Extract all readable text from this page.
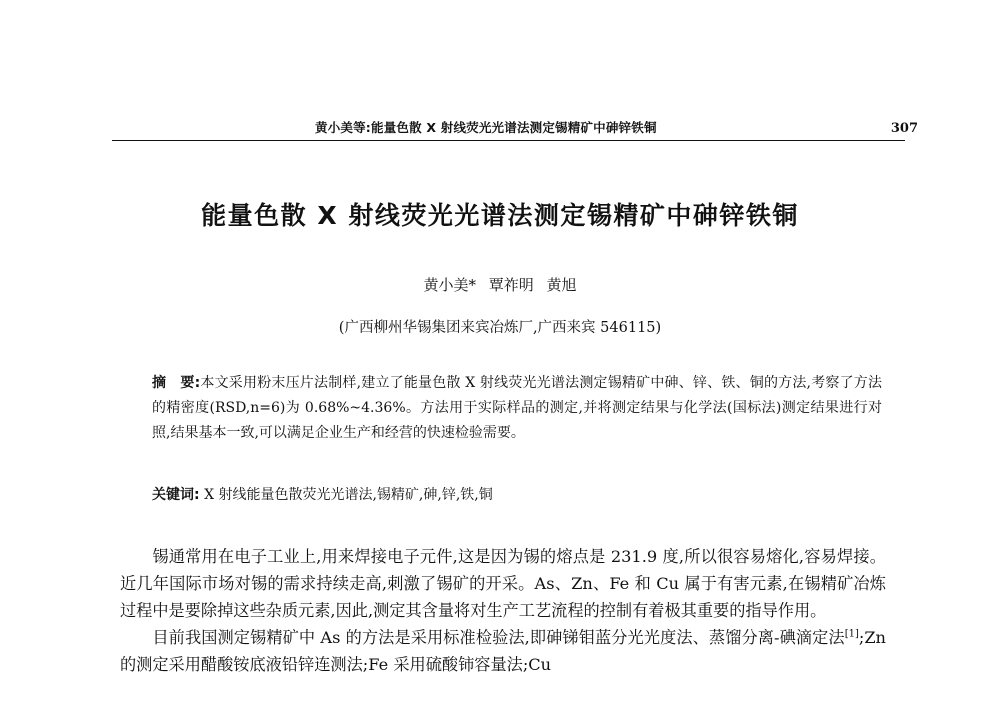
黄小美等:能量色散 X 射线荧光光谱法测定锡精矿中砷锌铁铜	307
能量色散 X 射线荧光光谱法测定锡精矿中砷锌铁铜
黄小美* 覃祚明 黄旭
(广西柳州华锡集团来宾冶炼厂,广西来宾 546115)
摘　要:本文采用粉末压片法制样,建立了能量色散 X 射线荧光光谱法测定锡精矿中砷、锌、铁、铜的方法,考察了方法的精密度(RSD,n=6)为 0.68%~4.36%。方法用于实际样品的测定,并将测定结果与化学法(国标法)测定结果进行对照,结果基本一致,可以满足企业生产和经营的快速检验需要。
关键词: X 射线能量色散荧光光谱法,锡精矿,砷,锌,铁,铜

锡通常用在电子工业上,用来焊接电子元件,这是因为锡的熔点是 231.9 度,所以很容易熔化,容易焊接。近几年国际市场对锡的需求持续走高,刺激了锡矿的开采。As、Zn、Fe 和 Cu 属于有害元素,在锡精矿冶炼过程中是要除掉这些杂质元素,因此,测定其含量将对生产工艺流程的控制有着极其重要的指导作用。

目前我国测定锡精矿中 As 的方法是采用标准检验法,即砷锑钼蓝分光光度法、蒸馏分离-碘滴定法[1];Zn 的测定采用醋酸铵底液铅锌连测法;Fe 采用硫酸铈容量法;Cu
